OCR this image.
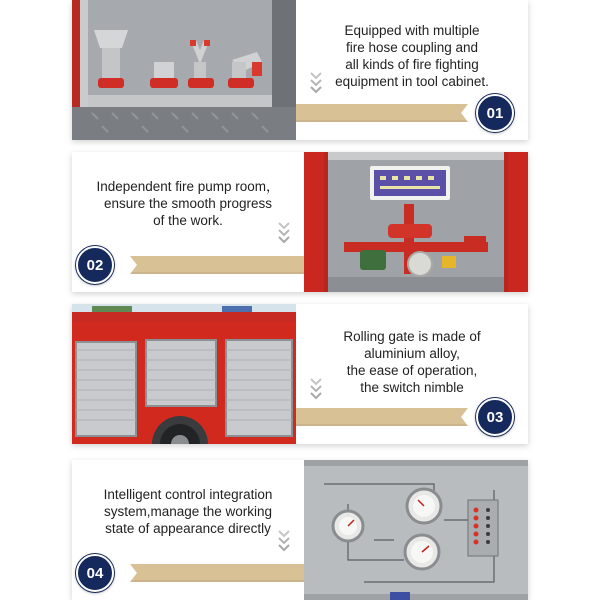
Equipped with multiple
fire hose coupling and
all kinds of fire fighting
equipment in tool cabinet.

01

Independent fire pump room，
ensure the smooth progress
of the work.

02

Rolling gate is made of
aluminium alloy,
the ease of operation,
the switch nimble

03

Intelligent control integration
system,manage the working
state of appearance directly

04
